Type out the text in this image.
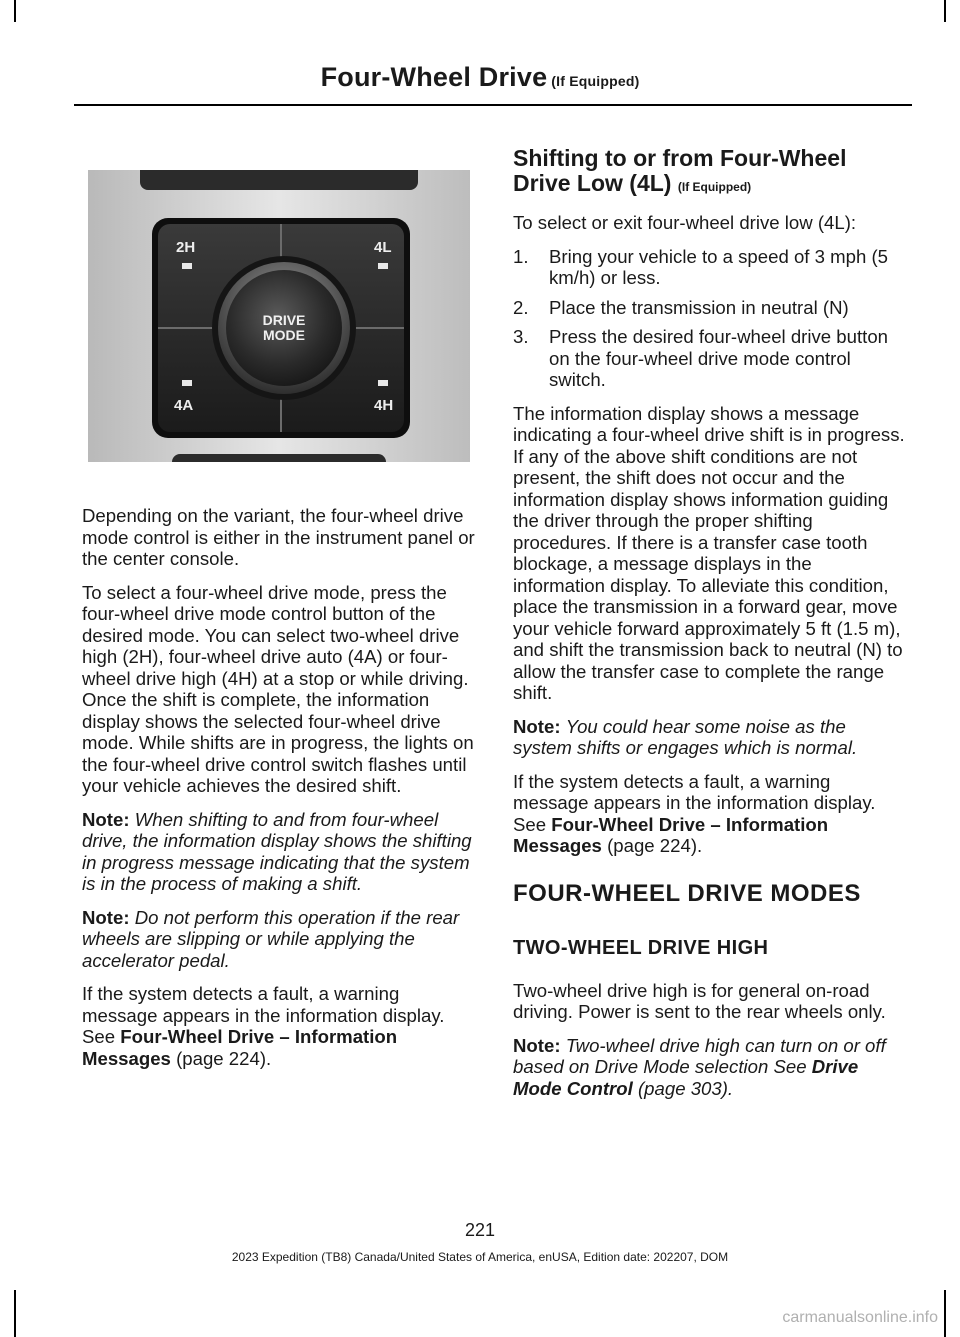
Four-Wheel Drive (If Equipped)
2H	4L
4A	4H
DRIVE
MODE

Depending on the variant, the four-wheel drive mode control is either in the instrument panel or the center console.

To select a four-wheel drive mode, press the four-wheel drive mode control button of the desired mode. You can select two-wheel drive high (2H), four-wheel drive auto (4A) or four-wheel drive high (4H) at a stop or while driving. Once the shift is complete, the information display shows the selected four-wheel drive mode. While shifts are in progress, the lights on the four-wheel drive control switch flashes until your vehicle achieves the desired shift.

Note: When shifting to and from four-wheel drive, the information display shows the shifting in progress message indicating that the system is in the process of making a shift.

Note: Do not perform this operation if the rear wheels are slipping or while applying the accelerator pedal.

If the system detects a fault, a warning message appears in the information display. See Four-Wheel Drive – Information Messages (page 224).

Shifting to or from Four-Wheel Drive Low (4L) (If Equipped)

To select or exit four-wheel drive low (4L):

1. Bring your vehicle to a speed of 3 mph (5 km/h) or less.
2. Place the transmission in neutral (N)
3. Press the desired four-wheel drive button on the four-wheel drive mode control switch.

The information display shows a message indicating a four-wheel drive shift is in progress. If any of the above shift conditions are not present, the shift does not occur and the information display shows information guiding the driver through the proper shifting procedures. If there is a transfer case tooth blockage, a message displays in the information display. To alleviate this condition, place the transmission in a forward gear, move your vehicle forward approximately 5 ft (1.5 m), and shift the transmission back to neutral (N) to allow the transfer case to complete the range shift.

Note: You could hear some noise as the system shifts or engages which is normal.

If the system detects a fault, a warning message appears in the information display. See Four-Wheel Drive – Information Messages (page 224).

FOUR-WHEEL DRIVE MODES
TWO-WHEEL DRIVE HIGH

Two-wheel drive high is for general on-road driving. Power is sent to the rear wheels only.

Note: Two-wheel drive high can turn on or off based on Drive Mode selection See Drive Mode Control (page 303).

221
2023 Expedition (TB8) Canada/United States of America, enUSA, Edition date: 202207, DOM
carmanualsonline.info
